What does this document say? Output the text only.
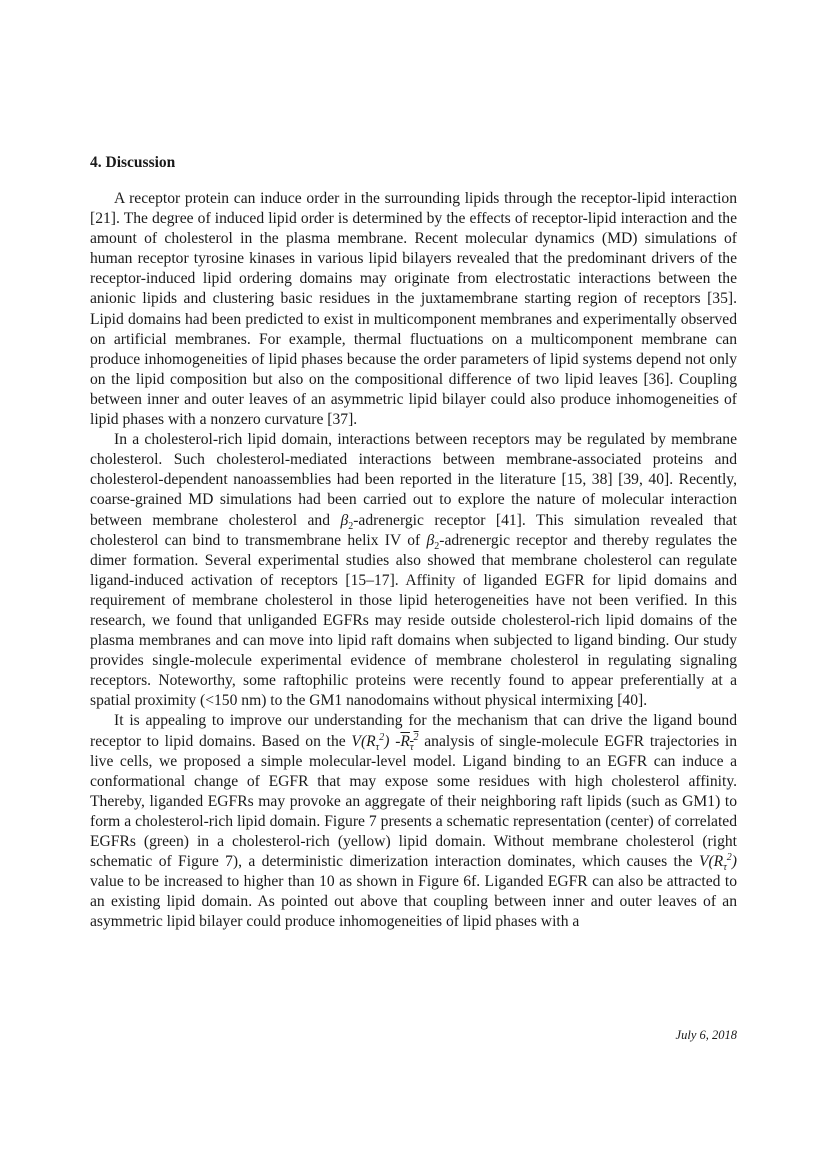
4. Discussion

A receptor protein can induce order in the surrounding lipids through the receptor-lipid interaction [21]. The degree of induced lipid order is determined by the effects of receptor-lipid interaction and the amount of cholesterol in the plasma membrane. Recent molecular dynamics (MD) simulations of human receptor tyrosine kinases in various lipid bilayers revealed that the predominant drivers of the receptor-induced lipid ordering domains may originate from electrostatic interactions between the anionic lipids and clustering basic residues in the juxtamembrane starting region of receptors [35]. Lipid domains had been predicted to exist in multicomponent membranes and experimentally observed on artificial membranes. For example, thermal fluctuations on a multicomponent membrane can produce inhomogeneities of lipid phases because the order parameters of lipid systems depend not only on the lipid composition but also on the compositional difference of two lipid leaves [36]. Coupling between inner and outer leaves of an asymmetric lipid bilayer could also produce inhomogeneities of lipid phases with a nonzero curvature [37].

In a cholesterol-rich lipid domain, interactions between receptors may be regulated by membrane cholesterol. Such cholesterol-mediated interactions between membrane-associated proteins and cholesterol-dependent nanoassemblies had been reported in the literature [15, 38] [39, 40]. Recently, coarse-grained MD simulations had been carried out to explore the nature of molecular interaction between membrane cholesterol and $\beta_2$-adrenergic receptor [41]. This simulation revealed that cholesterol can bind to transmembrane helix IV of $\beta_2$-adrenergic receptor and thereby regulates the dimer formation. Several experimental studies also showed that membrane cholesterol can regulate ligand-induced activation of receptors [15–17]. Affinity of liganded EGFR for lipid domains and requirement of membrane cholesterol in those lipid heterogeneities have not been verified. In this research, we found that unliganded EGFRs may reside outside cholesterol-rich lipid domains of the plasma membranes and can move into lipid raft domains when subjected to ligand binding. Our study provides single-molecule experimental evidence of membrane cholesterol in regulating signaling receptors. Noteworthy, some raftophilic proteins were recently found to appear preferentially at a spatial proximity (<150 nm) to the GM1 nanodomains without physical intermixing [40].

It is appealing to improve our understanding for the mechanism that can drive the ligand bound receptor to lipid domains. Based on the $V(R_\tau^2)$ $-R_\tau^2$ analysis of single-molecule EGFR trajectories in live cells, we proposed a simple molecular-level model. Ligand binding to an EGFR can induce a conformational change of EGFR that may expose some residues with high cholesterol affinity. Thereby, liganded EGFRs may provoke an aggregate of their neighboring raft lipids (such as GM1) to form a cholesterol-rich lipid domain. Figure 7 presents a schematic representation (center) of correlated EGFRs (green) in a cholesterol-rich (yellow) lipid domain. Without membrane cholesterol (right schematic of Figure 7), a deterministic dimerization interaction dominates, which causes the $V(R_\tau^2)$ value to be increased to higher than 10 as shown in Figure 6f. Liganded EGFR can also be attracted to an existing lipid domain. As pointed out above that coupling between inner and outer leaves of an asymmetric lipid bilayer could produce inhomogeneities of lipid phases with a

July 6, 2018
